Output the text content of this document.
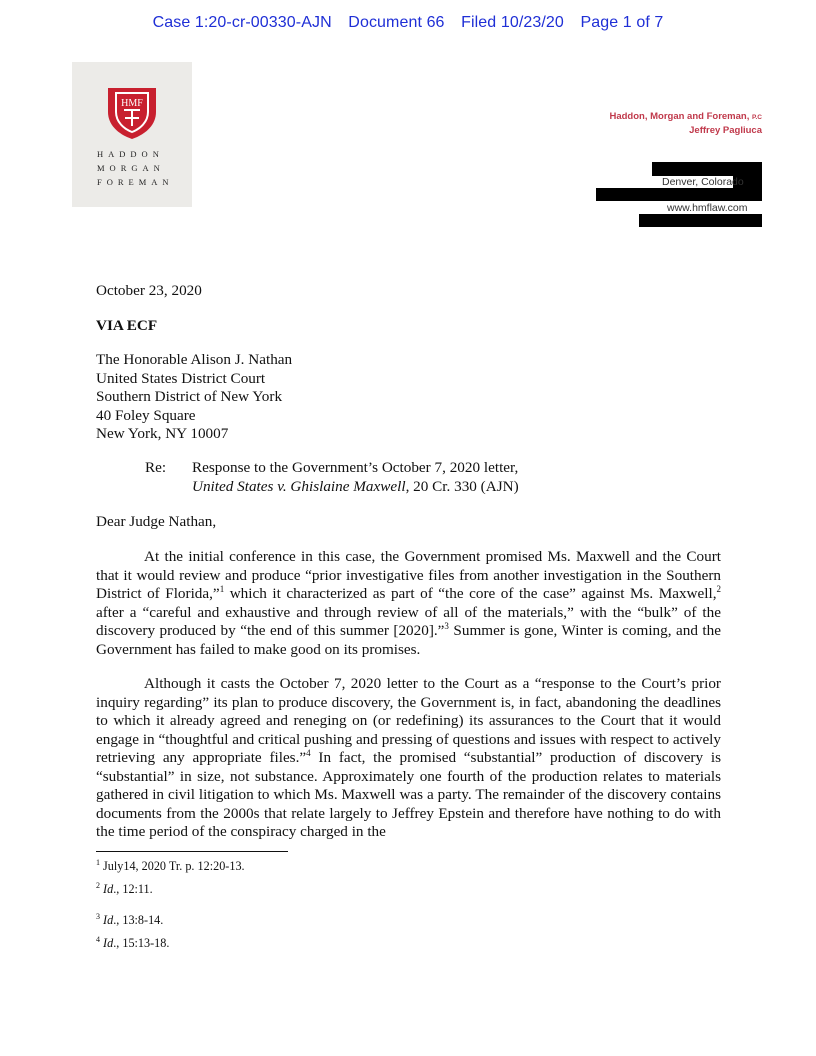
Case 1:20-cr-00330-AJN Document 66 Filed 10/23/20 Page 1 of 7
HMF
HADDON
MORGAN
FOREMAN
Haddon, Morgan and Foreman, P.C
Jeffrey Pagliuca
Denver, Colorado
www.hmflaw.com
October 23, 2020
VIA ECF
The Honorable Alison J. Nathan
United States District Court
Southern District of New York
40 Foley Square
New York, NY 10007
Re: Response to the Government’s October 7, 2020 letter,
United States v. Ghislaine Maxwell, 20 Cr. 330 (AJN)
Dear Judge Nathan,
At the initial conference in this case, the Government promised Ms. Maxwell and the Court that it would review and produce “prior investigative files from another investigation in the Southern District of Florida,”$^1$ which it characterized as part of “the core of the case” against Ms. Maxwell,$^2$ after a “careful and exhaustive and through review of all of the materials,” with the “bulk” of the discovery produced by “the end of this summer [2020].”$^3$ Summer is gone, Winter is coming, and the Government has failed to make good on its promises.
Although it casts the October 7, 2020 letter to the Court as a “response to the Court’s prior inquiry regarding” its plan to produce discovery, the Government is, in fact, abandoning the deadlines to which it already agreed and reneging on (or redefining) its assurances to the Court that it would engage in “thoughtful and critical pushing and pressing of questions and issues with respect to actively retrieving any appropriate files.”$^4$ In fact, the promised “substantial” production of discovery is “substantial” in size, not substance. Approximately one fourth of the production relates to materials gathered in civil litigation to which Ms. Maxwell was a party. The remainder of the discovery contains documents from the 2000s that relate largely to Jeffrey Epstein and therefore have nothing to do with the time period of the conspiracy charged in the
$^1$ July14, 2020 Tr. p. 12:20-13.
$^2$ Id., 12:11.
$^3$ Id., 13:8-14.
$^4$ Id., 15:13-18.
